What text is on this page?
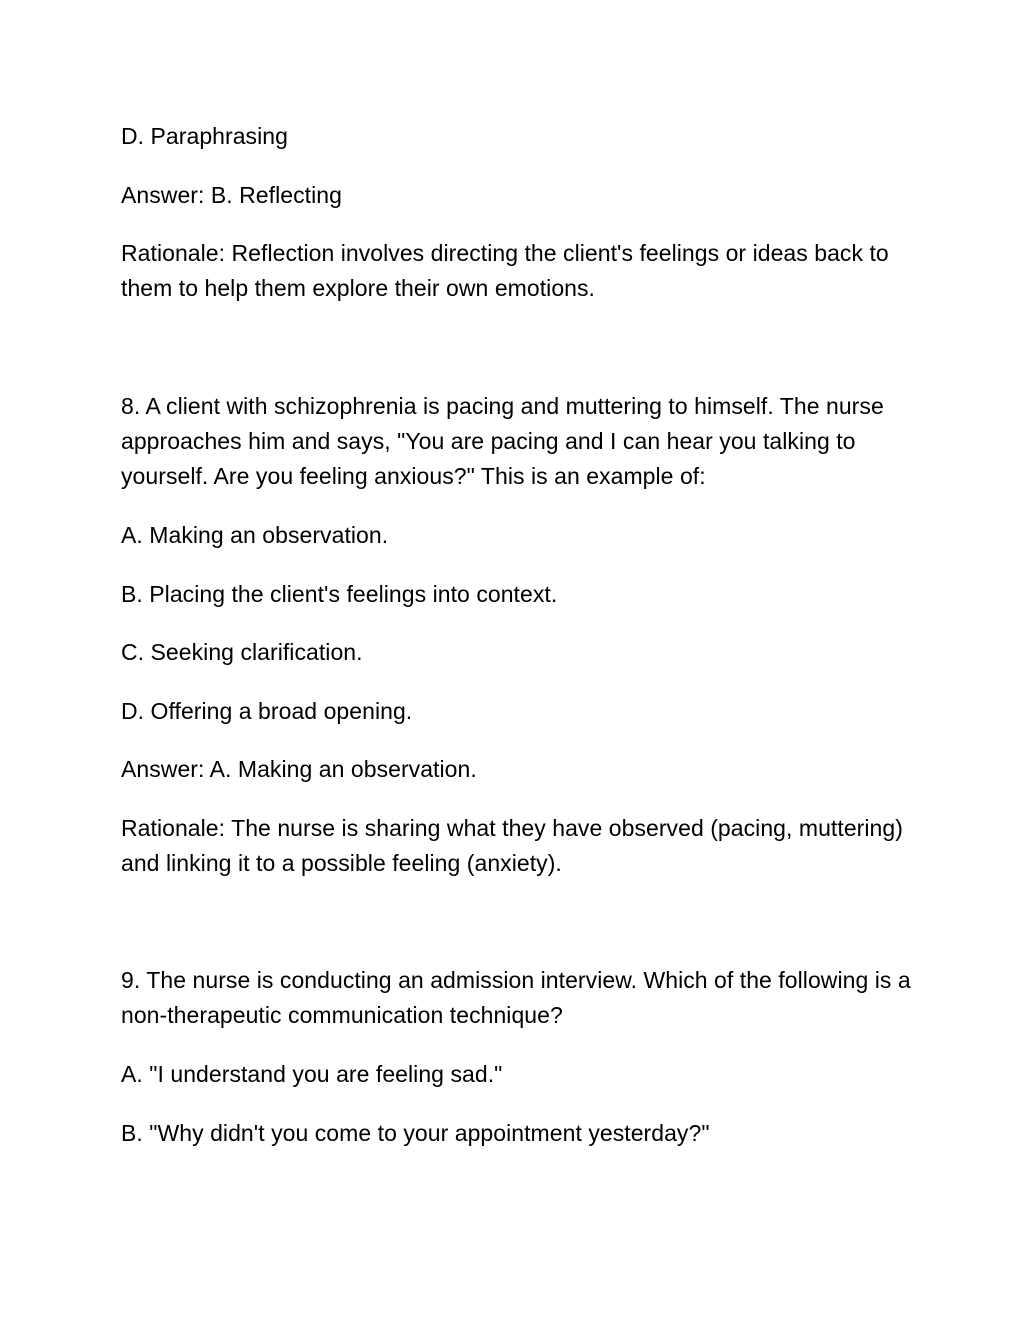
D. Paraphrasing

Answer: B. Reflecting

Rationale: Reflection involves directing the client's feelings or ideas back to them to help them explore their own emotions.

8. A client with schizophrenia is pacing and muttering to himself. The nurse approaches him and says, "You are pacing and I can hear you talking to yourself. Are you feeling anxious?" This is an example of:

A. Making an observation.

B. Placing the client's feelings into context.

C. Seeking clarification.

D. Offering a broad opening.

Answer: A. Making an observation.

Rationale: The nurse is sharing what they have observed (pacing, muttering) and linking it to a possible feeling (anxiety).

9. The nurse is conducting an admission interview. Which of the following is a non-therapeutic communication technique?

A. "I understand you are feeling sad."

B. "Why didn't you come to your appointment yesterday?"
